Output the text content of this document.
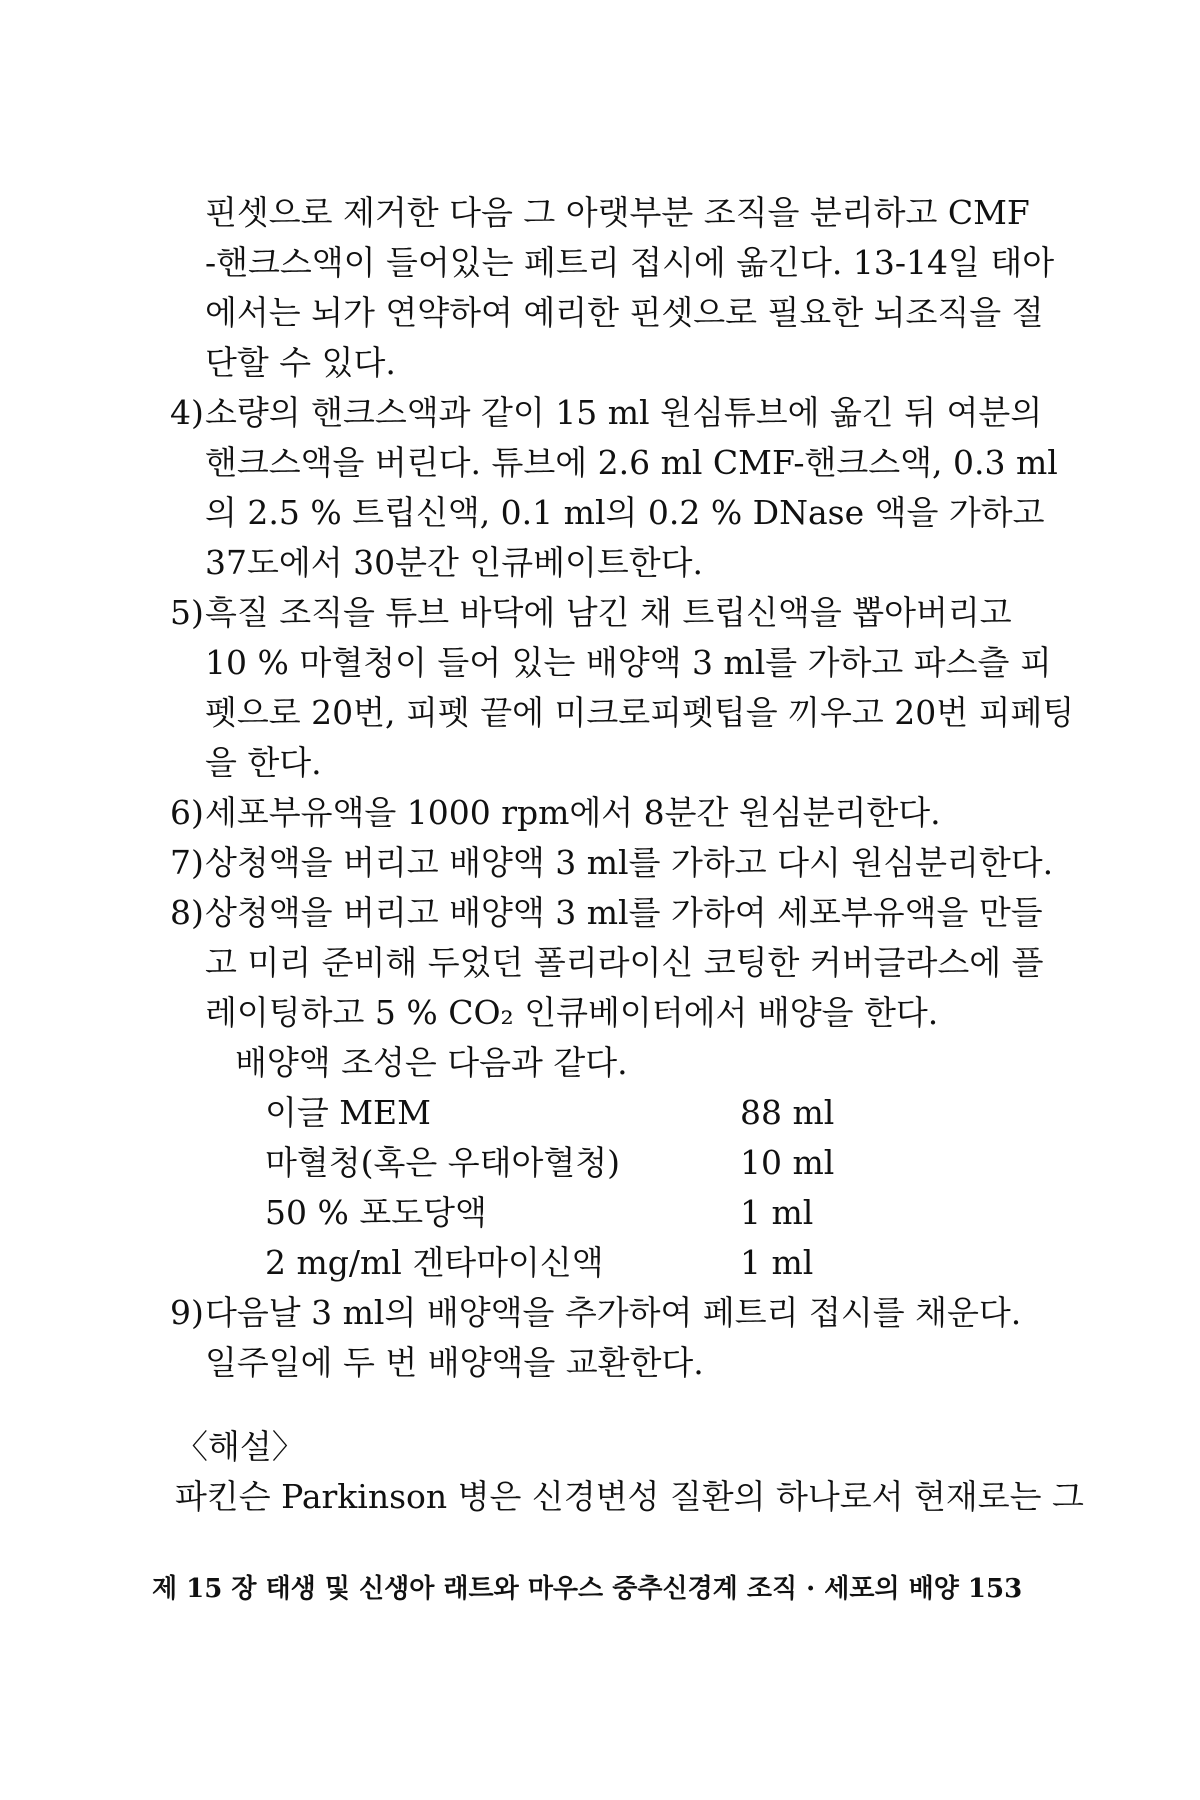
핀셋으로 제거한 다음 그 아랫부분 조직을 분리하고 CMF
-핸크스액이 들어있는 페트리 접시에 옮긴다. 13-14일 태아
에서는 뇌가 연약하여 예리한 핀셋으로 필요한 뇌조직을 절
단할 수 있다.
4) 소량의 핸크스액과 같이 15 ml 원심튜브에 옮긴 뒤 여분의
핸크스액을 버린다. 튜브에 2.6 ml CMF-핸크스액, 0.3 ml
의 2.5 % 트립신액, 0.1 ml의 0.2 % DNase 액을 가하고
37도에서 30분간 인큐베이트한다.
5) 흑질 조직을 튜브 바닥에 남긴 채 트립신액을 뽑아버리고
10 % 마혈청이 들어 있는 배양액 3 ml를 가하고 파스츨 피
펫으로 20번, 피펫 끝에 미크로피펫팁을 끼우고 20번 피페팅
을 한다.
6) 세포부유액을 1000 rpm에서 8분간 원심분리한다.
7) 상청액을 버리고 배양액 3 ml를 가하고 다시 원심분리한다.
8) 상청액을 버리고 배양액 3 ml를 가하여 세포부유액을 만들
고 미리 준비해 두었던 폴리라이신 코팅한 커버글라스에 플
레이팅하고 5 % CO₂ 인큐베이터에서 배양을 한다.
배양액 조성은 다음과 같다.
이글 MEM	88 ml
마혈청(혹은 우태아혈청)	10 ml
50 % 포도당액	1 ml
2 mg/ml 겐타마이신액	1 ml
9) 다음날 3 ml의 배양액을 추가하여 페트리 접시를 채운다.
일주일에 두 번 배양액을 교환한다.
〈해설〉
파킨슨 Parkinson 병은 신경변성 질환의 하나로서 현재로는 그
제 15 장 태생 및 신생아 래트와 마우스 중추신경계 조직 · 세포의 배양 153
